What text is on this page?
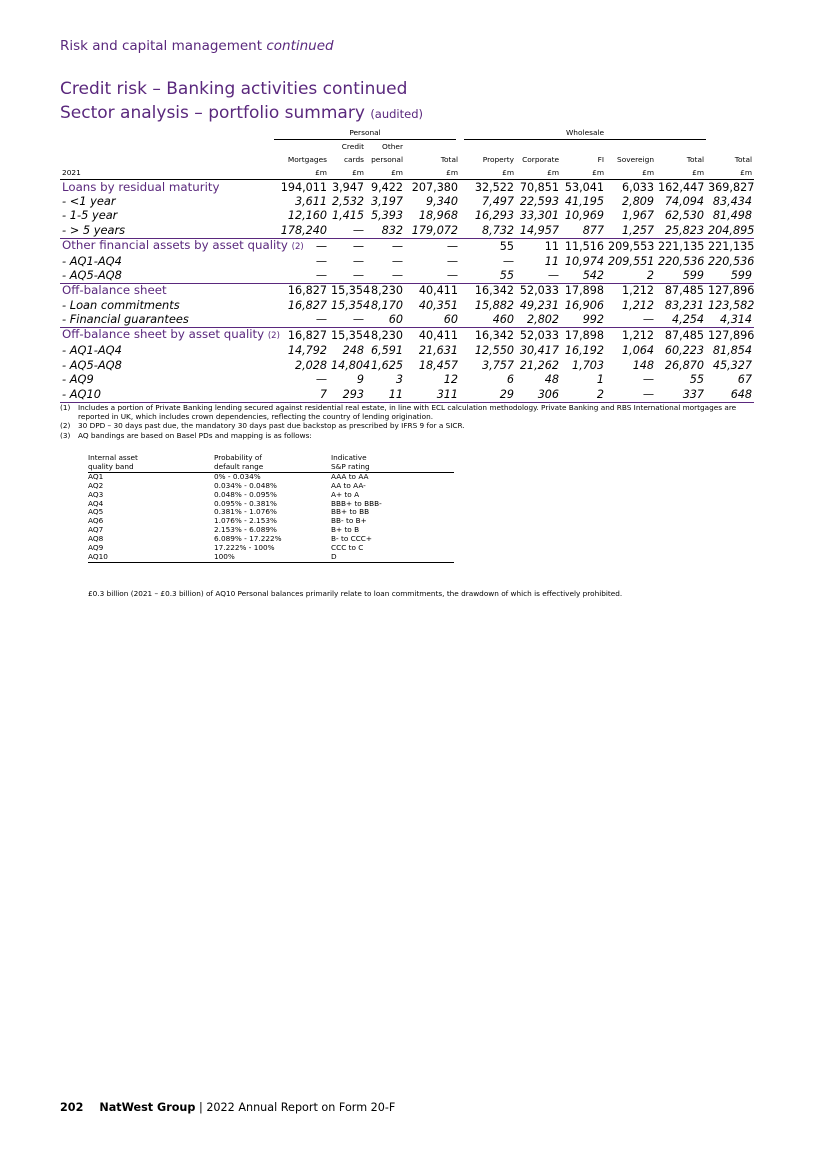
Risk and capital management continued
Credit risk – Banking activities continued
Sector analysis – portfolio summary (audited)
	Personal				Wholesale					
		Credit	Other							
	Mortgages	cards	personal	Total	Property	Corporate	FI	Sovereign	Total	Total
2021	£m	£m	£m	£m	£m	£m	£m	£m	£m	£m
Loans by residual maturity	194,011	3,947	9,422	207,380	32,522	70,851	53,041	6,033	162,447	369,827
- <1 year	3,611	2,532	3,197	9,340	7,497	22,593	41,195	2,809	74,094	83,434
- 1-5 year	12,160	1,415	5,393	18,968	16,293	33,301	10,969	1,967	62,530	81,498
- > 5 years	178,240	—	832	179,072	8,732	14,957	877	1,257	25,823	204,895
Other financial assets by asset quality (2)	—	—	—	—	55	11	11,516	209,553	221,135	221,135
- AQ1-AQ4	—	—	—	—	—	11	10,974	209,551	220,536	220,536
- AQ5-AQ8	—	—	—	—	55	—	542	2	599	599
Off-balance sheet	16,827	15,354	8,230	40,411	16,342	52,033	17,898	1,212	87,485	127,896
- Loan commitments	16,827	15,354	8,170	40,351	15,882	49,231	16,906	1,212	83,231	123,582
- Financial guarantees	—	—	60	60	460	2,802	992	—	4,254	4,314
Off-balance sheet by asset quality (2)	16,827	15,354	8,230	40,411	16,342	52,033	17,898	1,212	87,485	127,896
- AQ1-AQ4	14,792	248	6,591	21,631	12,550	30,417	16,192	1,064	60,223	81,854
- AQ5-AQ8	2,028	14,804	1,625	18,457	3,757	21,262	1,703	148	26,870	45,327
- AQ9	—	9	3	12	6	48	1	—	55	67
- AQ10	7	293	11	311	29	306	2	—	337	648
(1)	Includes a portion of Private Banking lending secured against residential real estate, in line with ECL calculation methodology. Private Banking and RBS International mortgages are reported in UK, which includes crown dependencies, reflecting the country of lending origination.
(2)	30 DPD – 30 days past due, the mandatory 30 days past due backstop as prescribed by IFRS 9 for a SICR.
(3)	AQ bandings are based on Basel PDs and mapping is as follows:
Internal asset	Probability of	Indicative
quality band	default range	S&P rating
AQ1	0% - 0.034%	AAA to AA
AQ2	0.034% - 0.048%	AA to AA-
AQ3	0.048% - 0.095%	A+ to A
AQ4	0.095% - 0.381%	BBB+ to BBB-
AQ5	0.381% - 1.076%	BB+ to BB
AQ6	1.076% - 2.153%	BB- to B+
AQ7	2.153% - 6.089%	B+ to B
AQ8	6.089% - 17.222%	B- to CCC+
AQ9	17.222% - 100%	CCC to C
AQ10	100%	D
£0.3 billion (2021 – £0.3 billion) of AQ10 Personal balances primarily relate to loan commitments, the drawdown of which is effectively prohibited.
202 NatWest Group | 2022 Annual Report on Form 20-F
